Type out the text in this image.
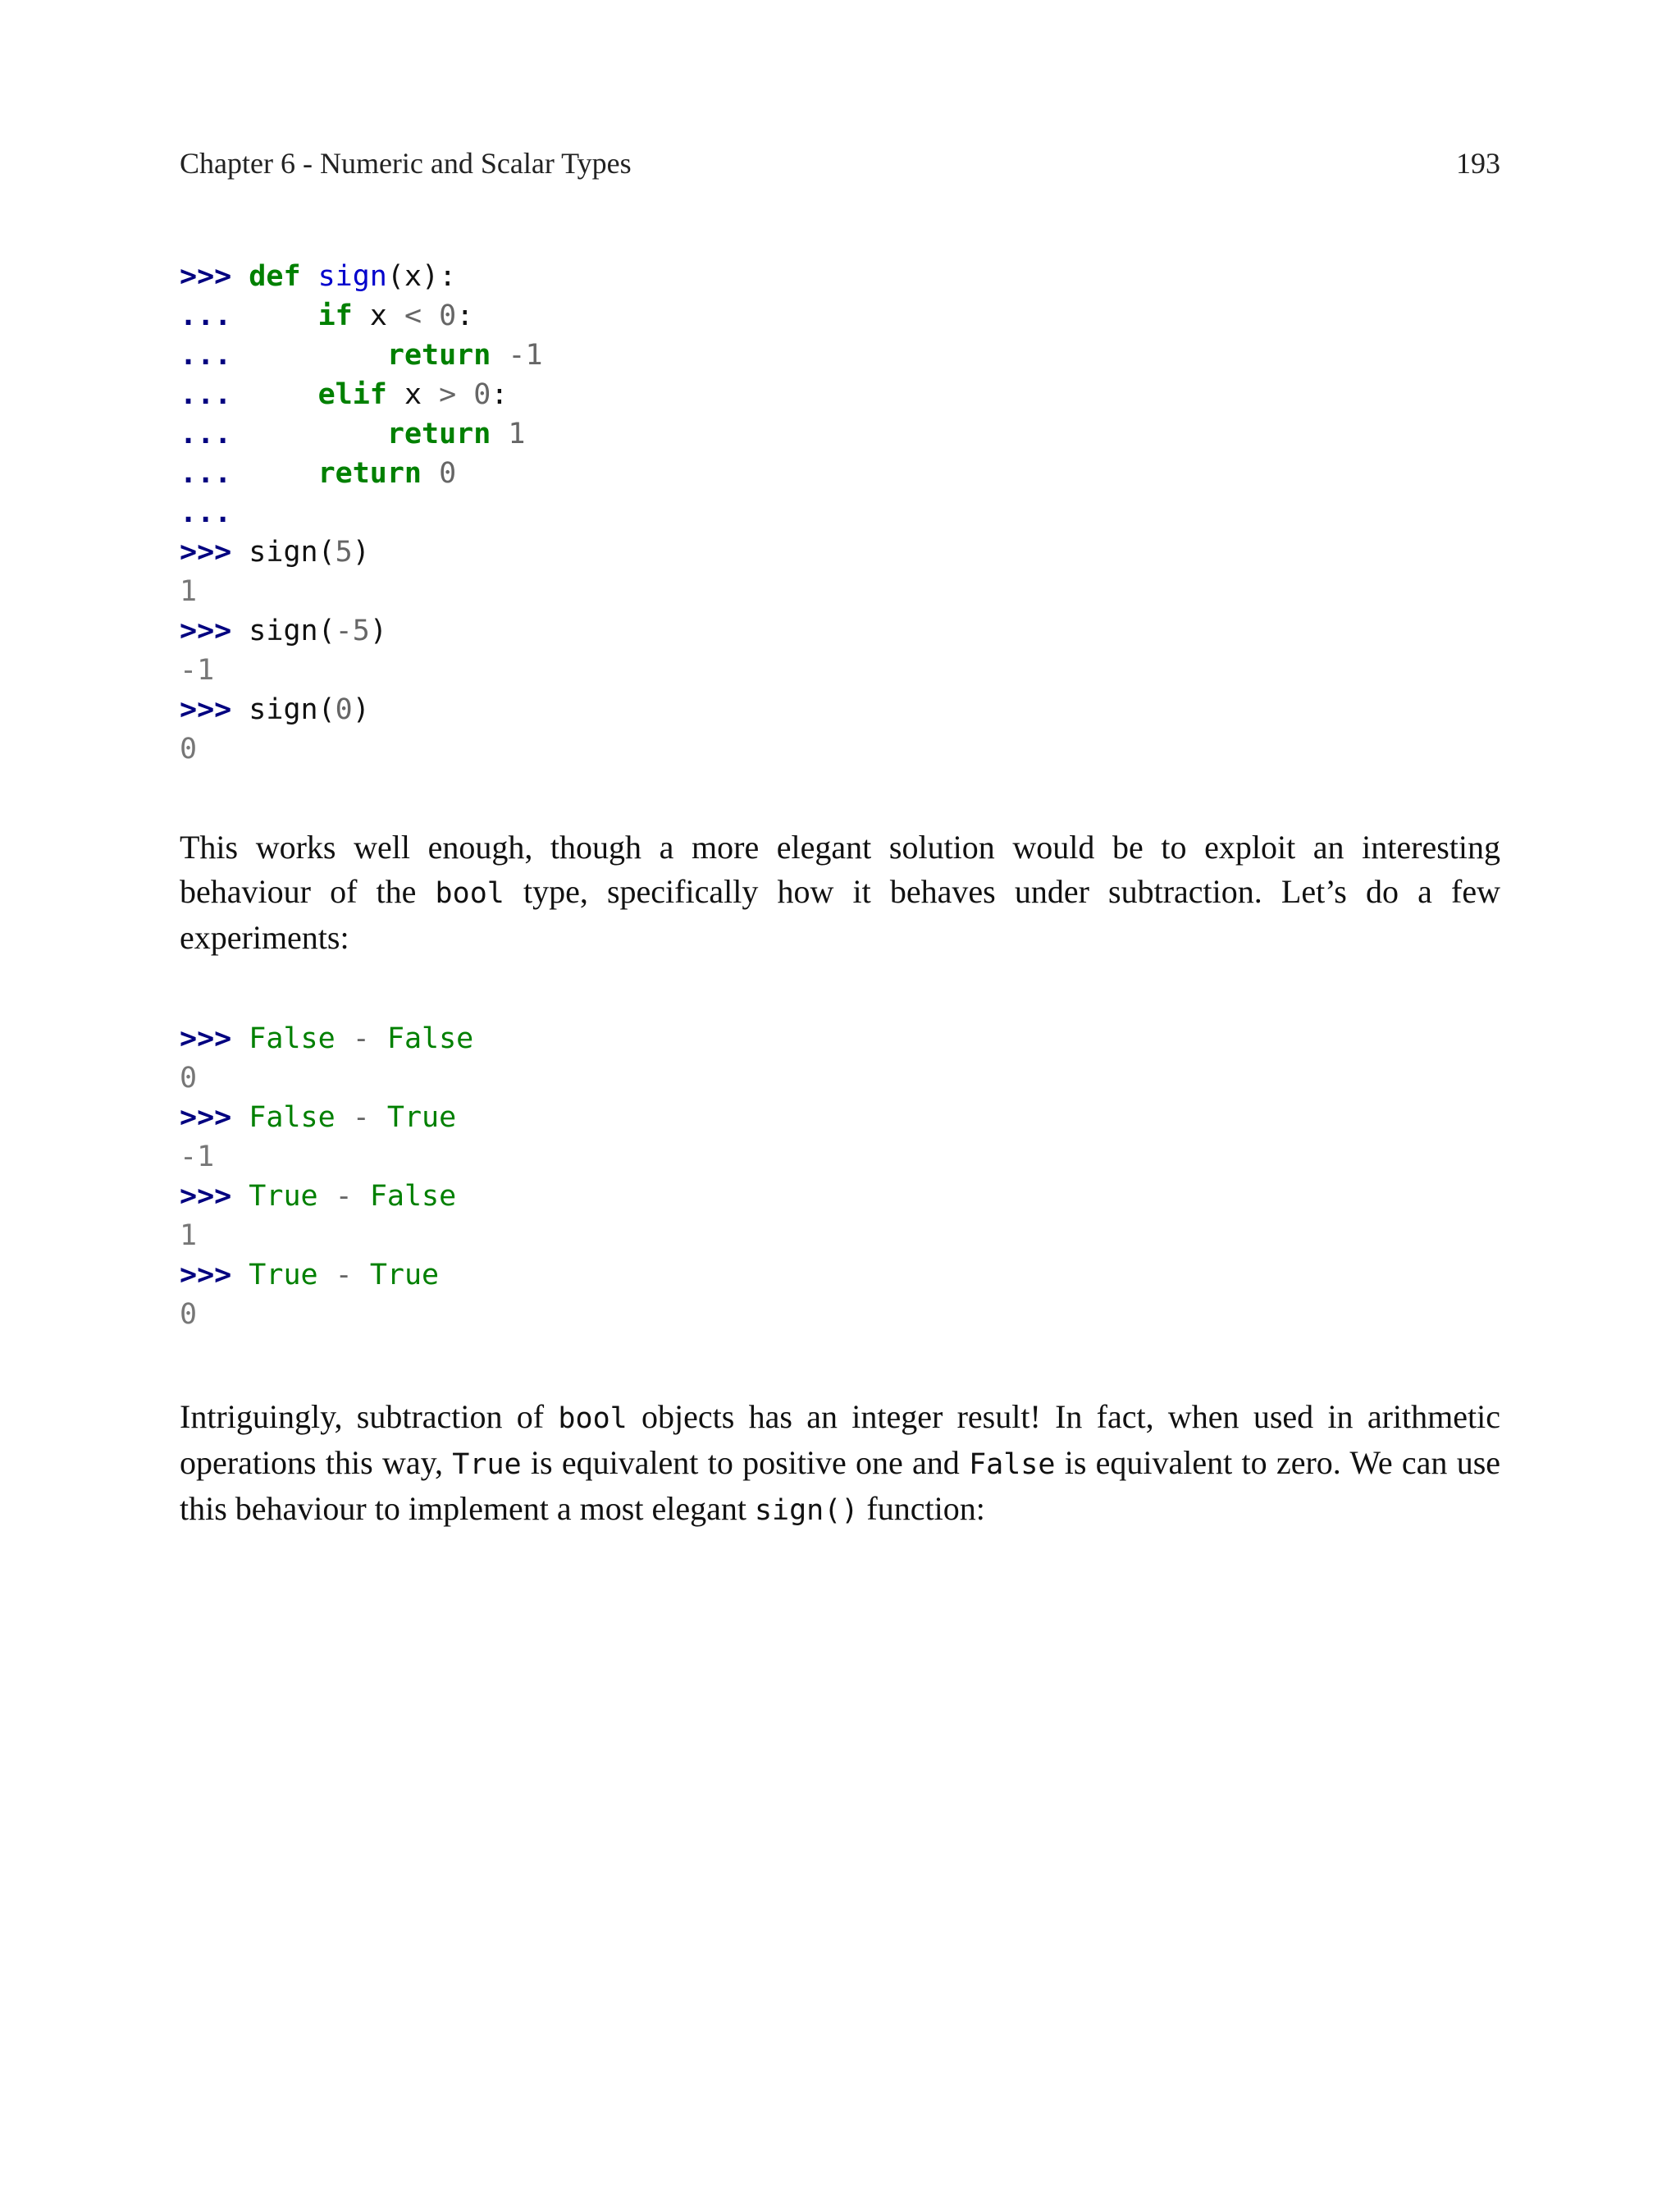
Chapter 6 - Numeric and Scalar Types	193
>>> def sign(x):
...	if x < 0:
...	return -1
...	elif x > 0:
...	return 1
...	return 0
...
>>> sign(5)
1
>>> sign(-5)
-1
>>> sign(0)
0

This works well enough, though a more elegant solution would be to exploit an interesting behaviour of the bool type, specifically how it behaves under subtraction. Let’s do a few experiments:

>>> False - False
0
>>> False - True
-1
>>> True - False
1
>>> True - True
0

Intriguingly, subtraction of bool objects has an integer result! In fact, when used in arithmetic operations this way, True is equivalent to positive one and False is equivalent to zero. We can use this behaviour to implement a most elegant sign() function:
